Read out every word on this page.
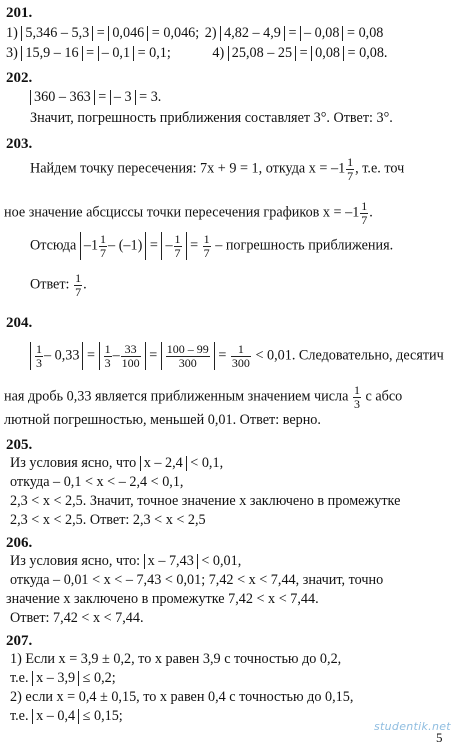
201.
1) 5,346 – 5,3 = 0,046 = 0,046; 2) 4,82 – 4,9 = – 0,08 = 0,08
3) 15,9 – 16 = – 0,1 = 0,1;	4) 25,08 – 25 = 0,08 = 0,08.
202.
360 – 363 = – 3 = 3.
Значит, погрешность приближения составляет 3°. Ответ: 3°.
203.
Найдем точку пересечения: 7x + 9 = 1, откуда $x = -1 \frac{1}{7}$ , т.е. точ
ное значение абсциссы точки пересечения графиков $x = -1 \frac{1}{7}$ .
Отсюда $-1 \frac{1}{7} - (-1)$ = – $\frac{1}{7} = \frac{1}{7}$ – погрешность приближения.
Ответ: $\frac{1}{7}$ .
204.
$\frac{1}{3} - 0,33 = \frac{1}{3} - \frac{33}{100} = \frac{100 - 99}{300} = \frac{1}{300} < 0,01$. Следовательно, десятич
ная дробь 0,33 является приближенным значением числа $\frac{1}{3}$ с абсо
лютной погрешностью, меньшей 0,01. Ответ: верно.
205.
Из условия ясно, что x – 2,4 < 0,1,
откуда – 0,1 < x < – 2,4 < 0,1,
2,3 < x < 2,5. Значит, точное значение x заключено в промежутке
2,3 < x < 2,5. Ответ: 2,3 < x < 2,5
206.
Из условия ясно, что: x – 7,43 < 0,01,
откуда – 0,01 < x < – 7,43 < 0,01; 7,42 < x < 7,44, значит, точно
значение x заключено в промежутке 7,42 < x < 7,44.
Ответ: 7,42 < x < 7,44.
207.
1) Если x = 3,9 ± 0,2, то x равен 3,9 с точностью до 0,2,
т.е. x – 3,9 ≤ 0,2;
2) если x = 0,4 ± 0,15, то x равен 0,4 с точностью до 0,15,
т.е. x – 0,4 ≤ 0,15;
studentik.net
5
